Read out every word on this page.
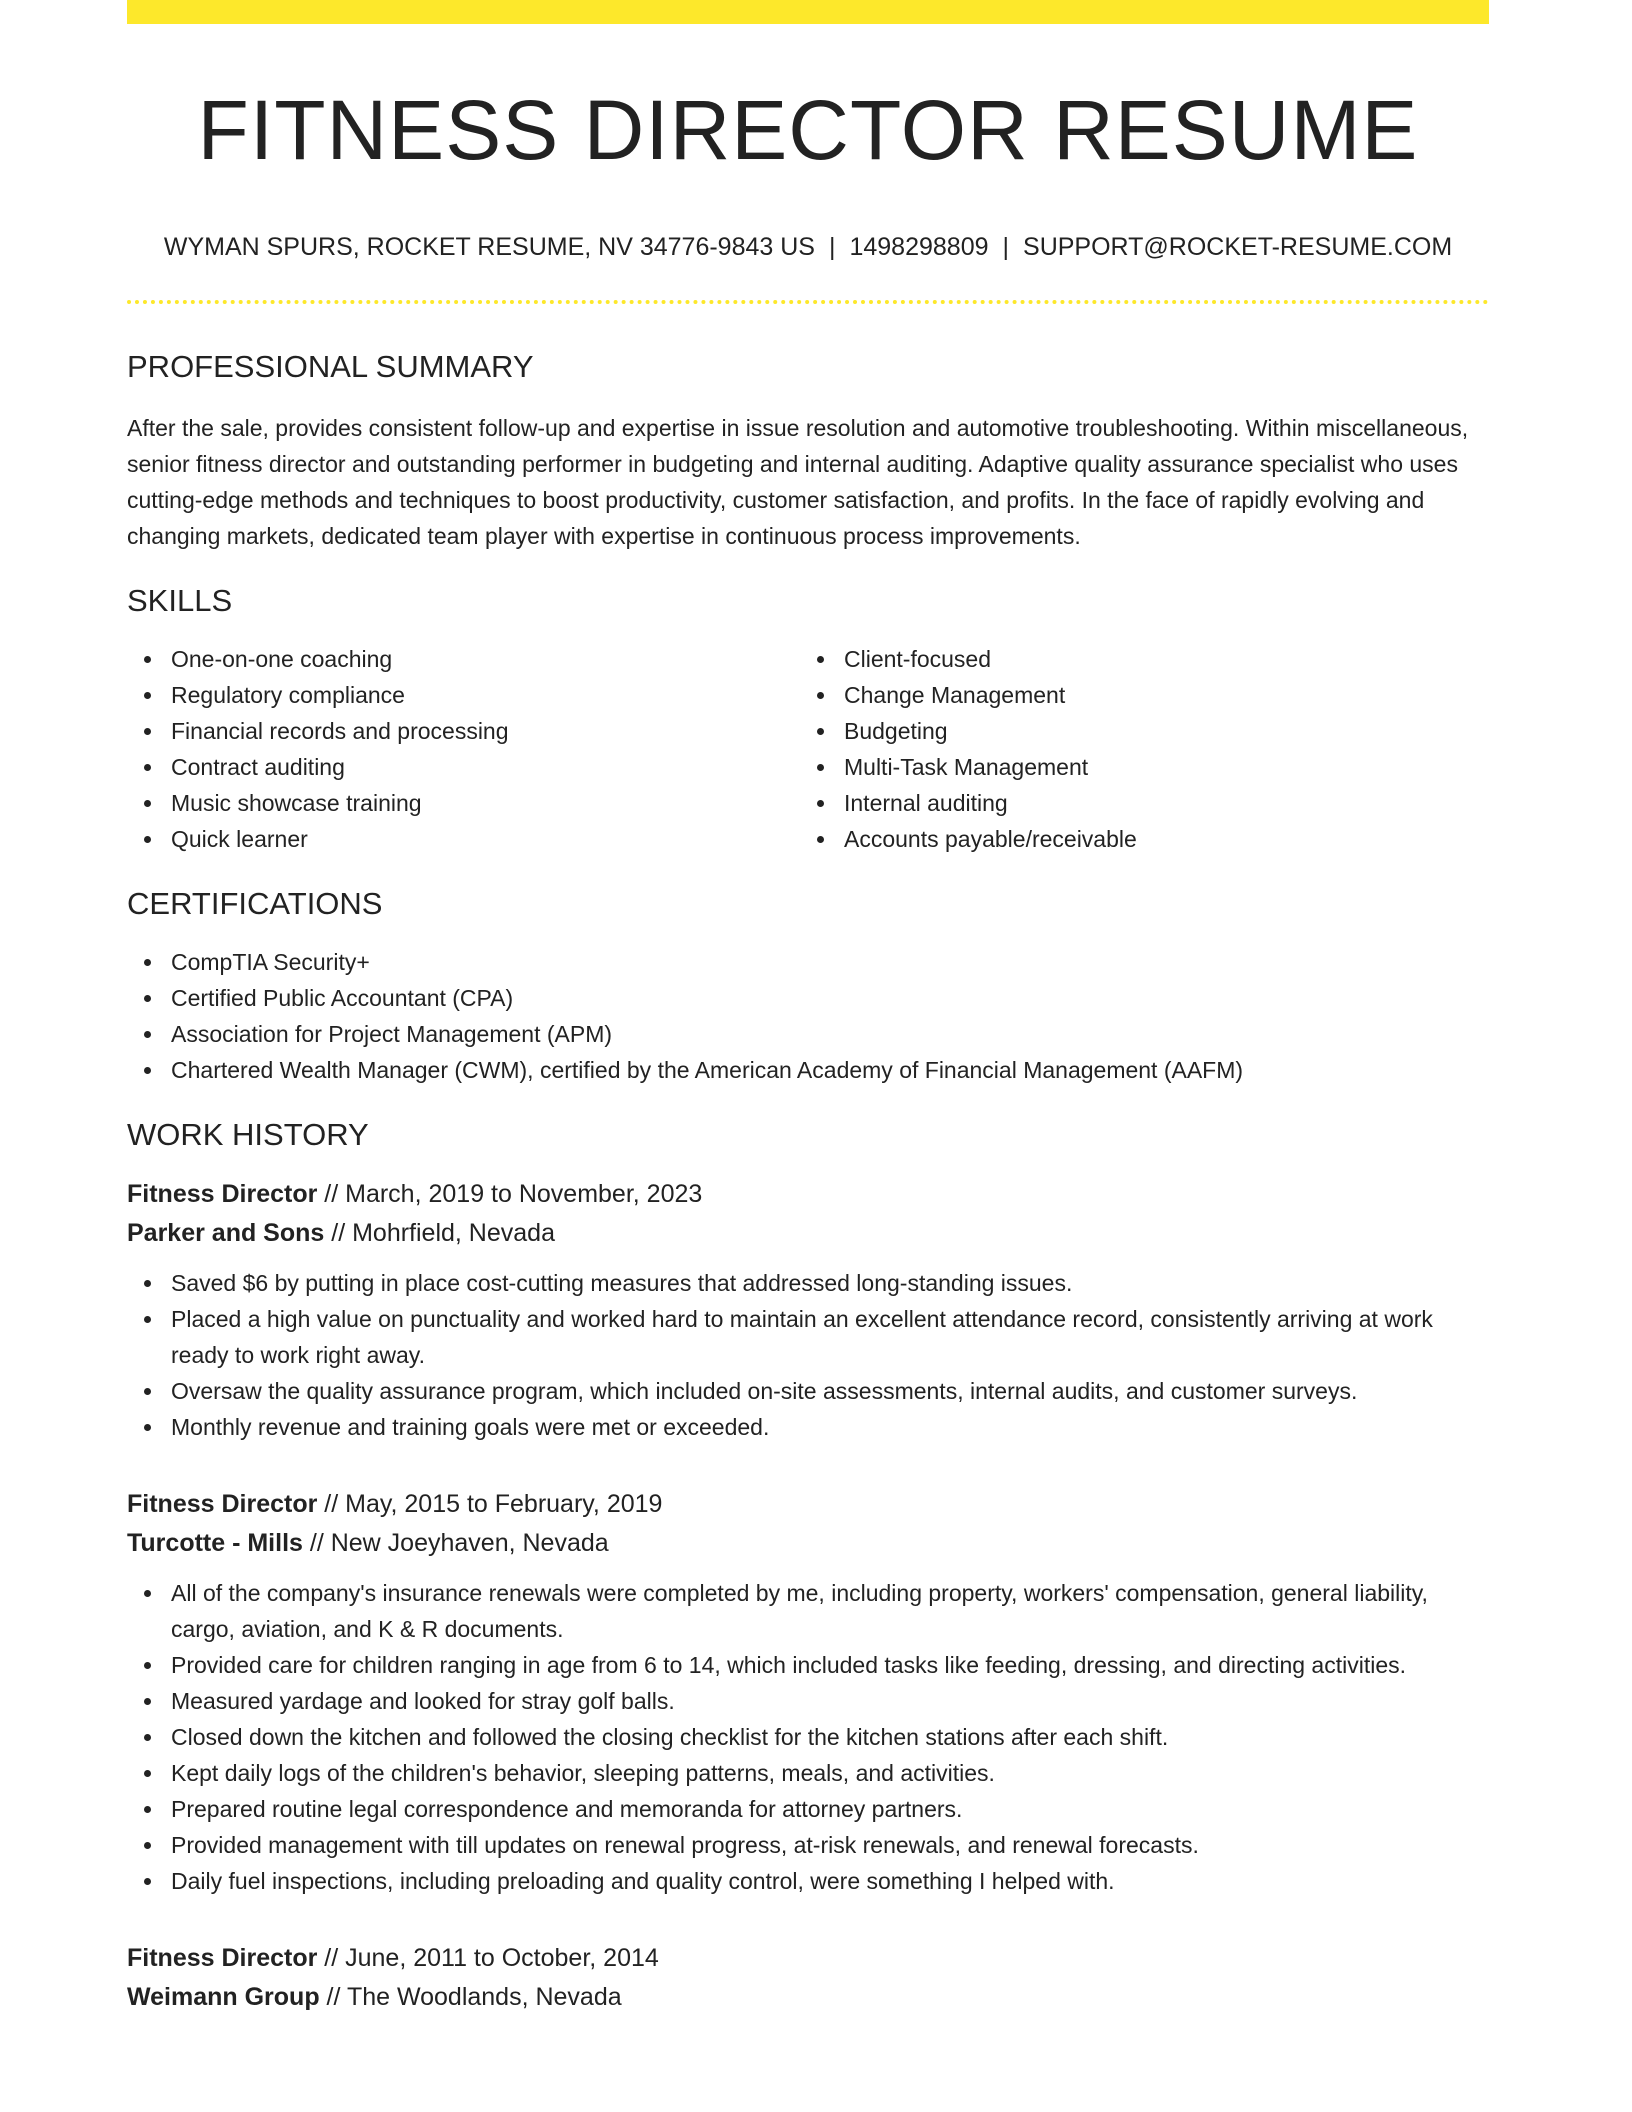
FITNESS DIRECTOR RESUME
WYMAN SPURS, ROCKET RESUME, NV 34776-9843 US | 1498298809 | SUPPORT@ROCKET-RESUME.COM
PROFESSIONAL SUMMARY

After the sale, provides consistent follow-up and expertise in issue resolution and automotive troubleshooting. Within miscellaneous, senior fitness director and outstanding performer in budgeting and internal auditing. Adaptive quality assurance specialist who uses cutting-edge methods and techniques to boost productivity, customer satisfaction, and profits. In the face of rapidly evolving and changing markets, dedicated team player with expertise in continuous process improvements.

SKILLS
One-on-one coaching
Regulatory compliance
Financial records and processing
Contract auditing
Music showcase training
Quick learner
Client-focused
Change Management
Budgeting
Multi-Task Management
Internal auditing
Accounts payable/receivable
CERTIFICATIONS
CompTIA Security+
Certified Public Accountant (CPA)
Association for Project Management (APM)
Chartered Wealth Manager (CWM), certified by the American Academy of Financial Management (AAFM)
WORK HISTORY
Fitness Director // March, 2019 to November, 2023
Parker and Sons // Mohrfield, Nevada
Saved $6 by putting in place cost-cutting measures that addressed long-standing issues.
Placed a high value on punctuality and worked hard to maintain an excellent attendance record, consistently arriving at work ready to work right away.
Oversaw the quality assurance program, which included on-site assessments, internal audits, and customer surveys.
Monthly revenue and training goals were met or exceeded.
Fitness Director // May, 2015 to February, 2019
Turcotte - Mills // New Joeyhaven, Nevada
All of the company's insurance renewals were completed by me, including property, workers' compensation, general liability, cargo, aviation, and K & R documents.
Provided care for children ranging in age from 6 to 14, which included tasks like feeding, dressing, and directing activities.
Measured yardage and looked for stray golf balls.
Closed down the kitchen and followed the closing checklist for the kitchen stations after each shift.
Kept daily logs of the children's behavior, sleeping patterns, meals, and activities.
Prepared routine legal correspondence and memoranda for attorney partners.
Provided management with till updates on renewal progress, at-risk renewals, and renewal forecasts.
Daily fuel inspections, including preloading and quality control, were something I helped with.
Fitness Director // June, 2011 to October, 2014
Weimann Group // The Woodlands, Nevada
